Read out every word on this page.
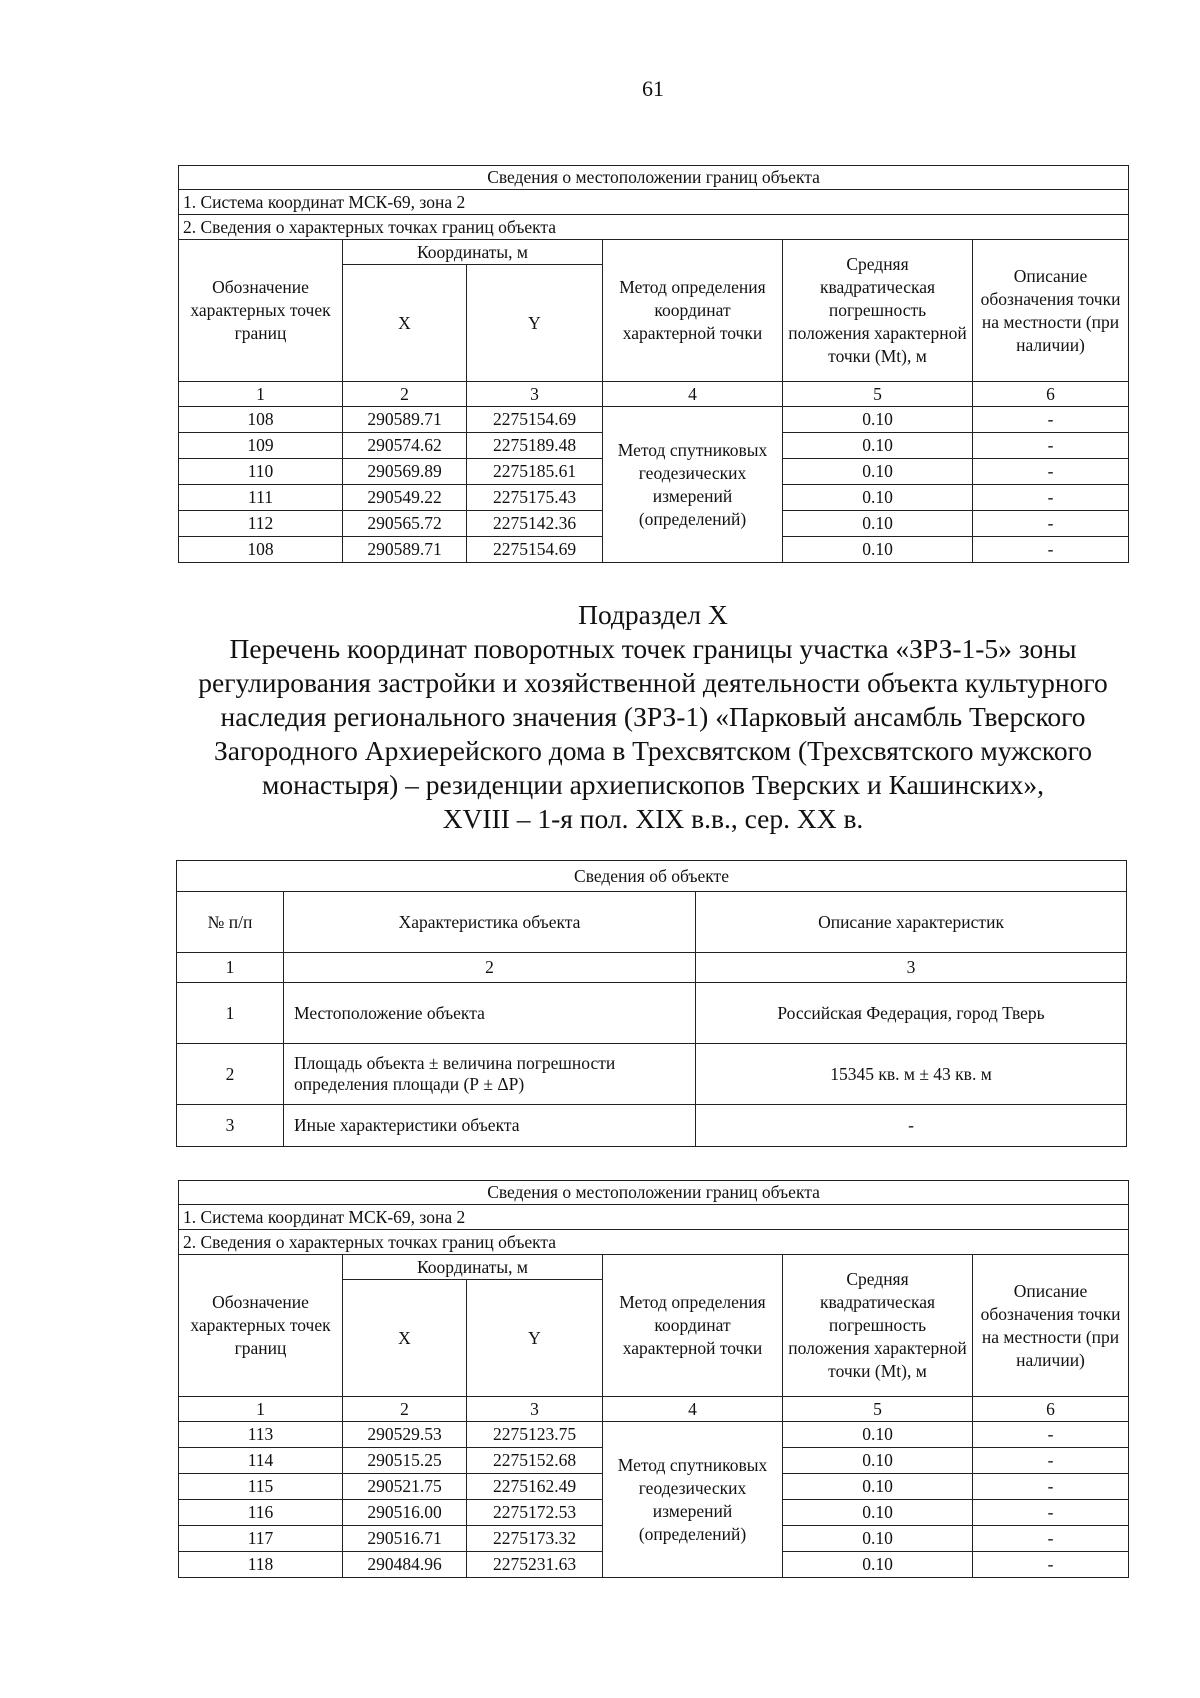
61
Сведения о местоположении границ объекта					
1. Система координат МСК-69, зона 2					
2. Сведения о характерных точках границ объекта					
Обозначение характерных точек границ	Координаты, м		Метод определения координат характерной точки	Средняя квадратическая погрешность положения характерной точки (Mt), м	Описание обозначения точки на местности (при наличии)
	X	Y			
1	2	3	4	5	6
108	290589.71	2275154.69	Метод спутниковых геодезических измерений (определений)	0.10	-
109	290574.62	2275189.48		0.10	-
110	290569.89	2275185.61		0.10	-
111	290549.22	2275175.43		0.10	-
112	290565.72	2275142.36		0.10	-
108	290589.71	2275154.69		0.10	-
Подраздел X
Перечень координат поворотных точек границы участка «ЗРЗ-1-5» зоны
регулирования застройки и хозяйственной деятельности объекта культурного
наследия регионального значения (ЗРЗ-1) «Парковый ансамбль Тверского
Загородного Архиерейского дома в Трехсвятском (Трехсвятского мужского
монастыря) – резиденции архиепископов Тверских и Кашинских»,
XVIII – 1-я пол. XIX в.в., сер. XX в.
Сведения об объекте		
№ п/п	Характеристика объекта	Описание характеристик
1	2	3
1	Местоположение объекта	Российская Федерация, город Тверь
2	Площадь объекта ± величина погрешности определения площади (Р ± ΔР)	15345 кв. м ± 43 кв. м
3	Иные характеристики объекта	-
Сведения о местоположении границ объекта					
1. Система координат МСК-69, зона 2					
2. Сведения о характерных точках границ объекта					
Обозначение характерных точек границ	Координаты, м		Метод определения координат характерной точки	Средняя квадратическая погрешность положения характерной точки (Mt), м	Описание обозначения точки на местности (при наличии)
	X	Y			
1	2	3	4	5	6
113	290529.53	2275123.75	Метод спутниковых геодезических измерений (определений)	0.10	-
114	290515.25	2275152.68		0.10	-
115	290521.75	2275162.49		0.10	-
116	290516.00	2275172.53		0.10	-
117	290516.71	2275173.32		0.10	-
118	290484.96	2275231.63		0.10	-
